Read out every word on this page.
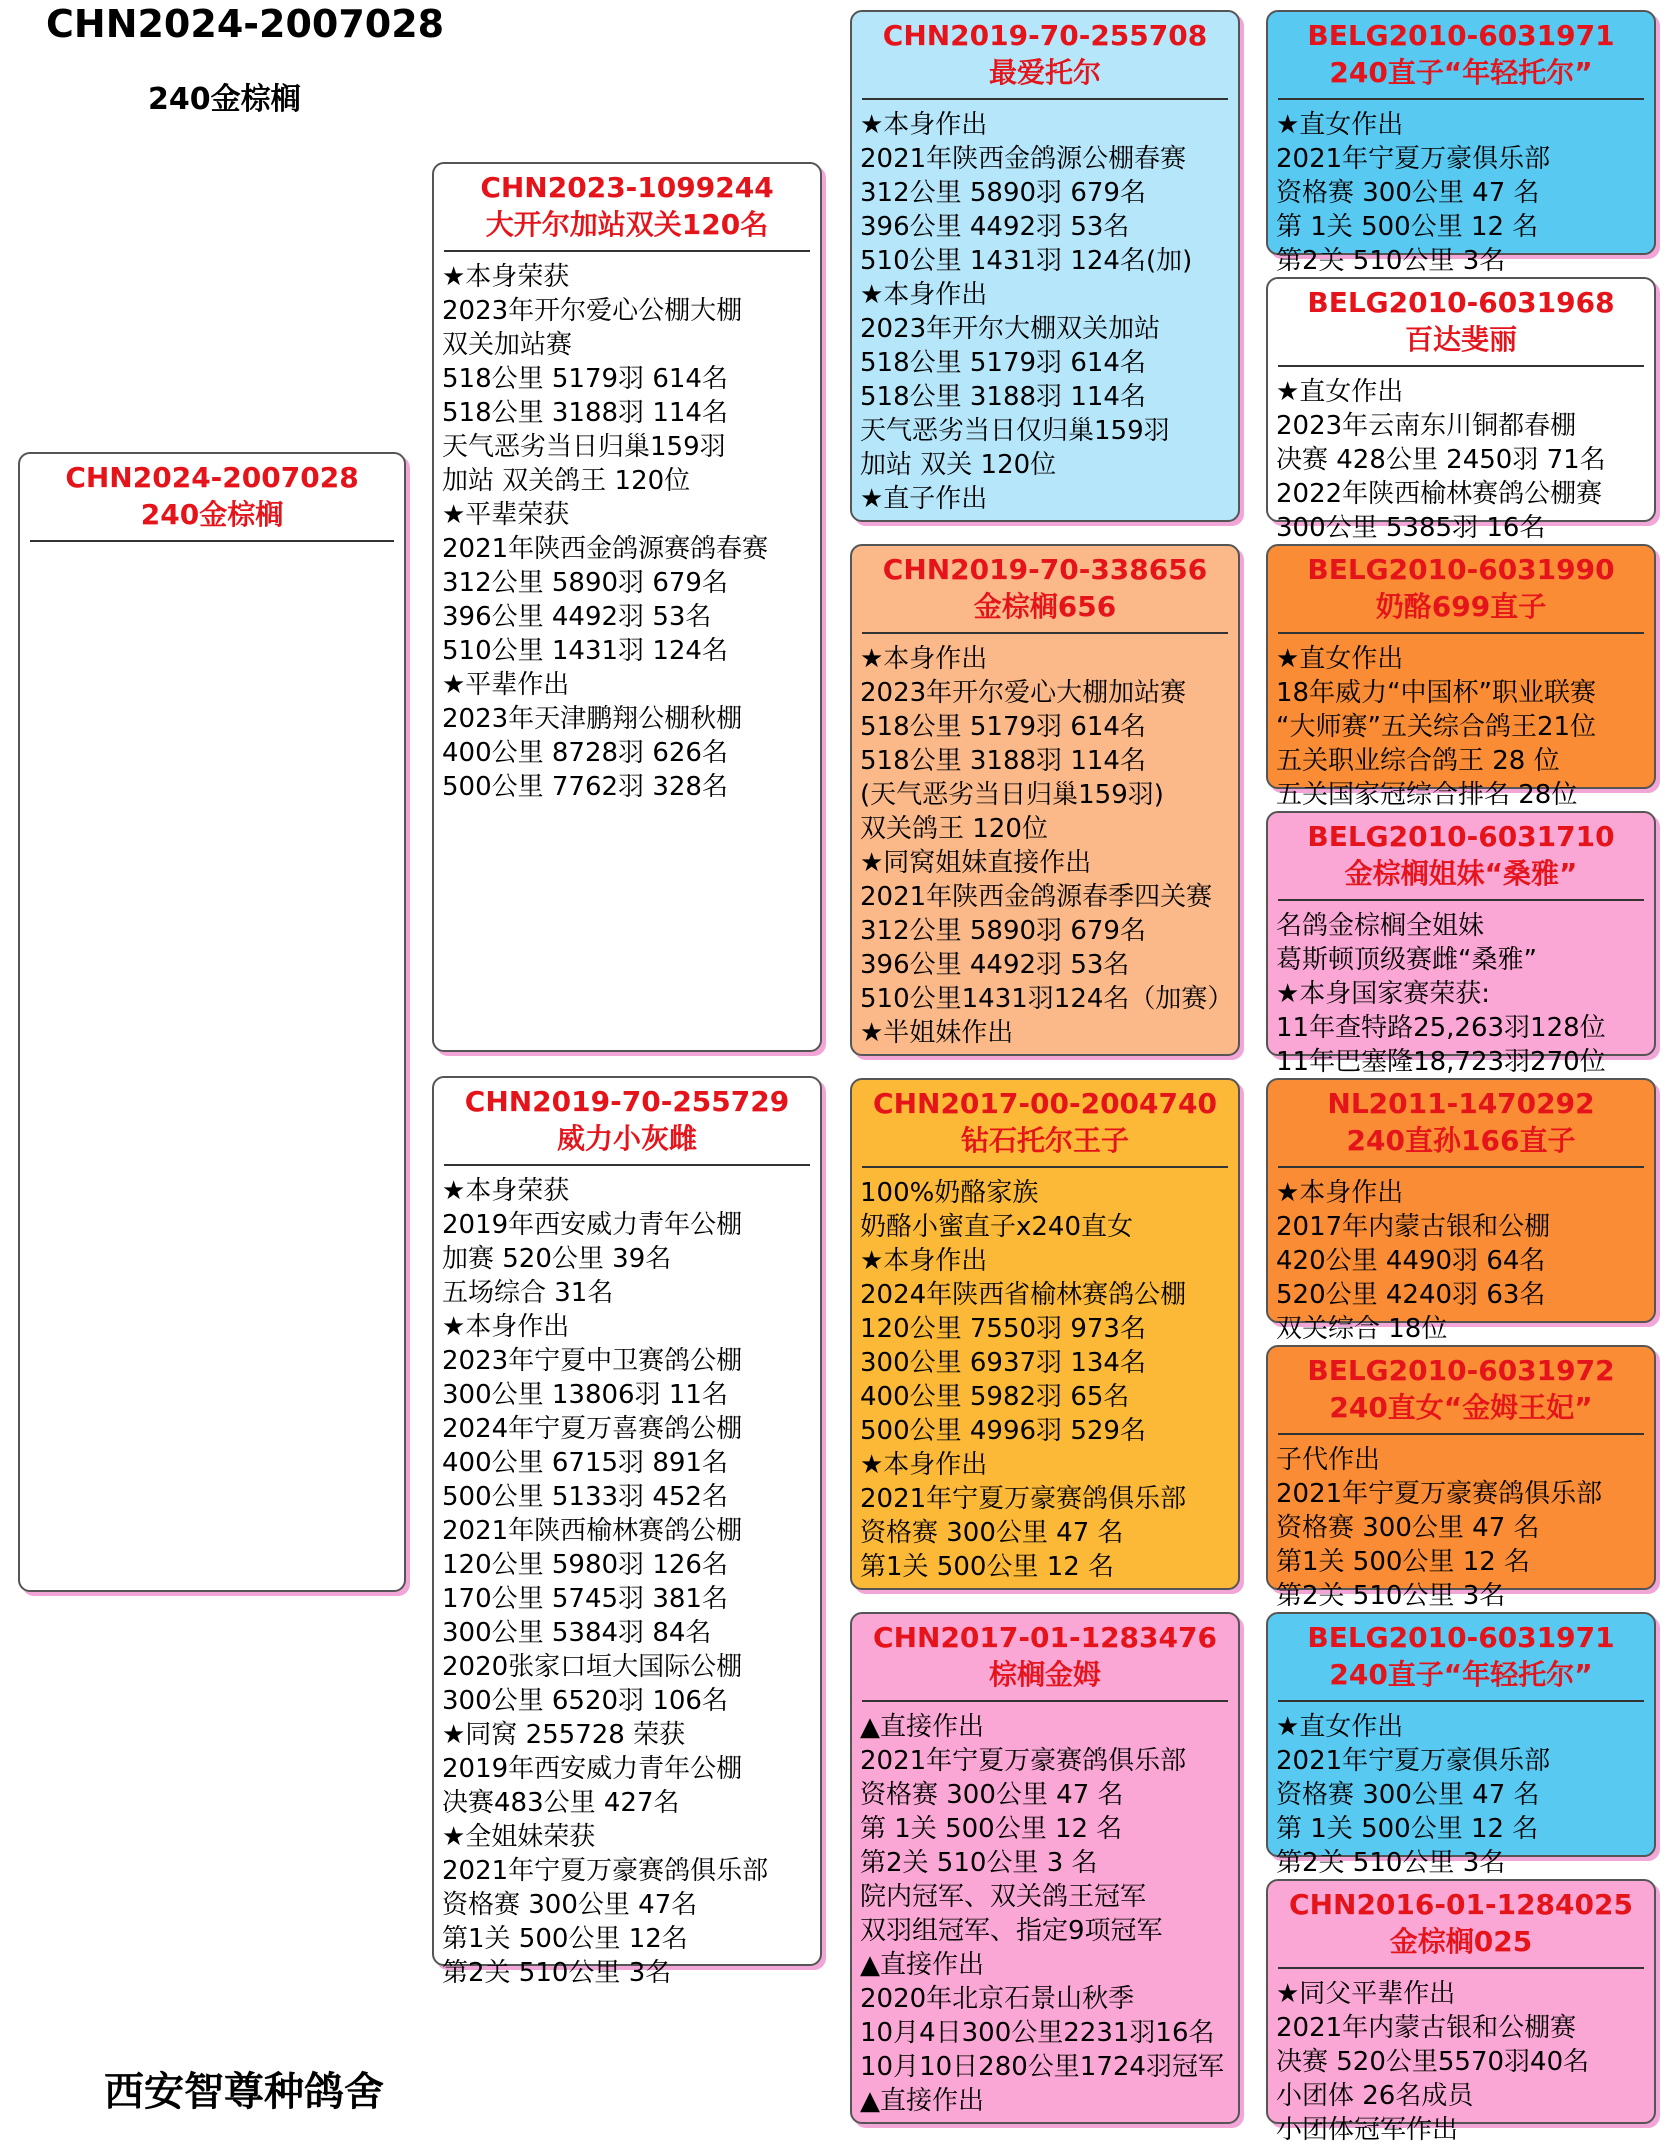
CHN2024-2007028
240金棕榈
CHN2024-2007028
240金棕榈
CHN2023-1099244
大开尔加站双关120名
★本身荣获
2023年开尔爱心公棚大棚
双关加站赛
518公里 5179羽 614名
518公里 3188羽 114名
天气恶劣当日归巢159羽
加站 双关鸽王 120位
★平辈荣获
2021年陕西金鸽源赛鸽春赛
312公里 5890羽 679名
396公里 4492羽 53名
510公里 1431羽 124名
★平辈作出
2023年天津鹏翔公棚秋棚
400公里 8728羽 626名
500公里 7762羽 328名
CHN2019-70-255729
威力小灰雌
★本身荣获
2019年西安威力青年公棚
加赛 520公里 39名
五场综合 31名
★本身作出
2023年宁夏中卫赛鸽公棚
300公里 13806羽 11名
2024年宁夏万喜赛鸽公棚
400公里 6715羽 891名
500公里 5133羽 452名
2021年陕西榆林赛鸽公棚
120公里 5980羽 126名
170公里 5745羽 381名
300公里 5384羽 84名
2020张家口垣大国际公棚
300公里 6520羽 106名
★同窝 255728 荣获
2019年西安威力青年公棚
决赛483公里 427名
★全姐妹荣获
2021年宁夏万豪赛鸽俱乐部
资格赛 300公里 47名
第1关 500公里 12名
第2关 510公里 3名
CHN2019-70-255708
最爱托尔
★本身作出
2021年陕西金鸽源公棚春赛
312公里 5890羽 679名
396公里 4492羽 53名
510公里 1431羽 124名(加)
★本身作出
2023年开尔大棚双关加站
518公里 5179羽 614名
518公里 3188羽 114名
天气恶劣当日仅归巢159羽
加站 双关 120位
★直子作出
CHN2019-70-338656
金棕榈656
★本身作出
2023年开尔爱心大棚加站赛
518公里 5179羽 614名
518公里 3188羽 114名
(天气恶劣当日归巢159羽)
双关鸽王 120位
★同窝姐妹直接作出
2021年陕西金鸽源春季四关赛
312公里 5890羽 679名
396公里 4492羽 53名
510公里1431羽124名（加赛）
★半姐妹作出
CHN2017-00-2004740
钻石托尔王子
100%奶酪家族
奶酪小蜜直子x240直女
★本身作出
2024年陕西省榆林赛鸽公棚
120公里 7550羽 973名
300公里 6937羽 134名
400公里 5982羽 65名
500公里 4996羽 529名
★本身作出
2021年宁夏万豪赛鸽俱乐部
资格赛 300公里 47 名
第1关 500公里 12 名
CHN2017-01-1283476
棕榈金姆
▲直接作出
2021年宁夏万豪赛鸽俱乐部
资格赛 300公里 47 名
第 1关 500公里 12 名
第2关 510公里 3 名
院内冠军、双关鸽王冠军
双羽组冠军、指定9项冠军
▲直接作出
2020年北京石景山秋季
10月4日300公里2231羽16名
10月10日280公里1724羽冠军
▲直接作出
BELG2010-6031971
240直子“年轻托尔”
★直女作出
2021年宁夏万豪俱乐部
资格赛 300公里 47 名
第 1关 500公里 12 名
第2关 510公里 3名
BELG2010-6031968
百达斐丽
★直女作出
2023年云南东川铜都春棚
决赛 428公里 2450羽 71名
2022年陕西榆林赛鸽公棚赛
300公里 5385羽 16名
BELG2010-6031990
奶酪699直子
★直女作出
18年威力“中国杯”职业联赛
“大师赛”五关综合鸽王21位
五关职业综合鸽王 28 位
五关国家冠综合排名 28位
BELG2010-6031710
金棕榈姐妹“桑雅”
名鸽金棕榈全姐妹
葛斯顿顶级赛雌“桑雅”
★本身国家赛荣获:
11年查特路25,263羽128位
11年巴塞隆18,723羽270位
NL2011-1470292
240直孙166直子
★本身作出
2017年内蒙古银和公棚
420公里 4490羽 64名
520公里 4240羽 63名
双关综合 18位
BELG2010-6031972
240直女“金姆王妃”
子代作出
2021年宁夏万豪赛鸽俱乐部
资格赛 300公里 47 名
第1关 500公里 12 名
第2关 510公里 3名
BELG2010-6031971
240直子“年轻托尔”
★直女作出
2021年宁夏万豪俱乐部
资格赛 300公里 47 名
第 1关 500公里 12 名
第2关 510公里 3名
CHN2016-01-1284025
金棕榈025
★同父平辈作出
2021年内蒙古银和公棚赛
决赛 520公里5570羽40名
小团体 26名成员
小团体冠军作出
西安智尊种鸽舍
